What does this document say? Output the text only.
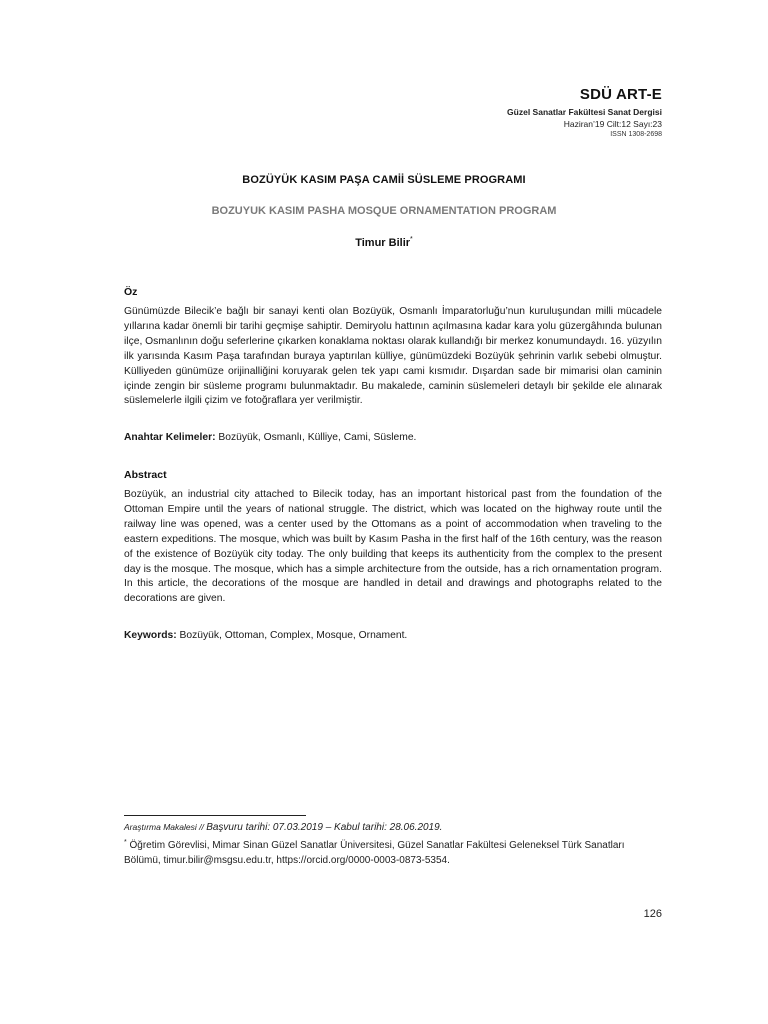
SDÜ ART-E
Güzel Sanatlar Fakültesi Sanat Dergisi
Haziran’19 Cilt:12 Sayı:23
ISSN 1308-2698
BOZÜYÜK KASIM PAŞA CAMİİ SÜSLEME PROGRAMI
BOZUYUK KASIM PASHA MOSQUE ORNAMENTATION PROGRAM
Timur Bilir*
Öz
Günümüzde Bilecik’e bağlı bir sanayi kenti olan Bozüyük, Osmanlı İmparatorluğu’nun kuruluşundan milli mücadele yıllarına kadar önemli bir tarihi geçmişe sahiptir. Demiryolu hattının açılmasına kadar kara yolu güzergâhında bulunan ilçe, Osmanlının doğu seferlerine çıkarken konaklama noktası olarak kullandığı bir merkez konumundaydı. 16. yüzyılın ilk yarısında Kasım Paşa tarafından buraya yaptırılan külliye, günümüzdeki Bozüyük şehrinin varlık sebebi olmuştur. Külliyeden günümüze orijinalliğini koruyarak gelen tek yapı cami kısmıdır. Dışardan sade bir mimarisi olan caminin içinde zengin bir süsleme programı bulunmaktadır. Bu makalede, caminin süslemeleri detaylı bir şekilde ele alınarak süslemelerle ilgili çizim ve fotoğraflara yer verilmiştir.
Anahtar Kelimeler: Bozüyük, Osmanlı, Külliye, Cami, Süsleme.
Abstract
Bozüyük, an industrial city attached to Bilecik today, has an important historical past from the foundation of the Ottoman Empire until the years of national struggle. The district, which was located on the highway route until the railway line was opened, was a center used by the Ottomans as a point of accommodation when traveling to the eastern expeditions. The mosque, which was built by Kasım Pasha in the first half of the 16th century, was the reason of the existence of Bozüyük city today. The only building that keeps its authenticity from the complex to the present day is the mosque. The mosque, which has a simple architecture from the outside, has a rich ornamentation program. In this article, the decorations of the mosque are handled in detail and drawings and photographs related to the decorations are given.
Keywords: Bozüyük, Ottoman, Complex, Mosque, Ornament.
Araştırma Makalesi // Başvuru tarihi: 07.03.2019 – Kabul tarihi: 28.06.2019.
* Öğretim Görevlisi, Mimar Sinan Güzel Sanatlar Üniversitesi, Güzel Sanatlar Fakültesi Geleneksel Türk Sanatları Bölümü, timur.bilir@msgsu.edu.tr, https://orcid.org/0000-0003-0873-5354.
126
